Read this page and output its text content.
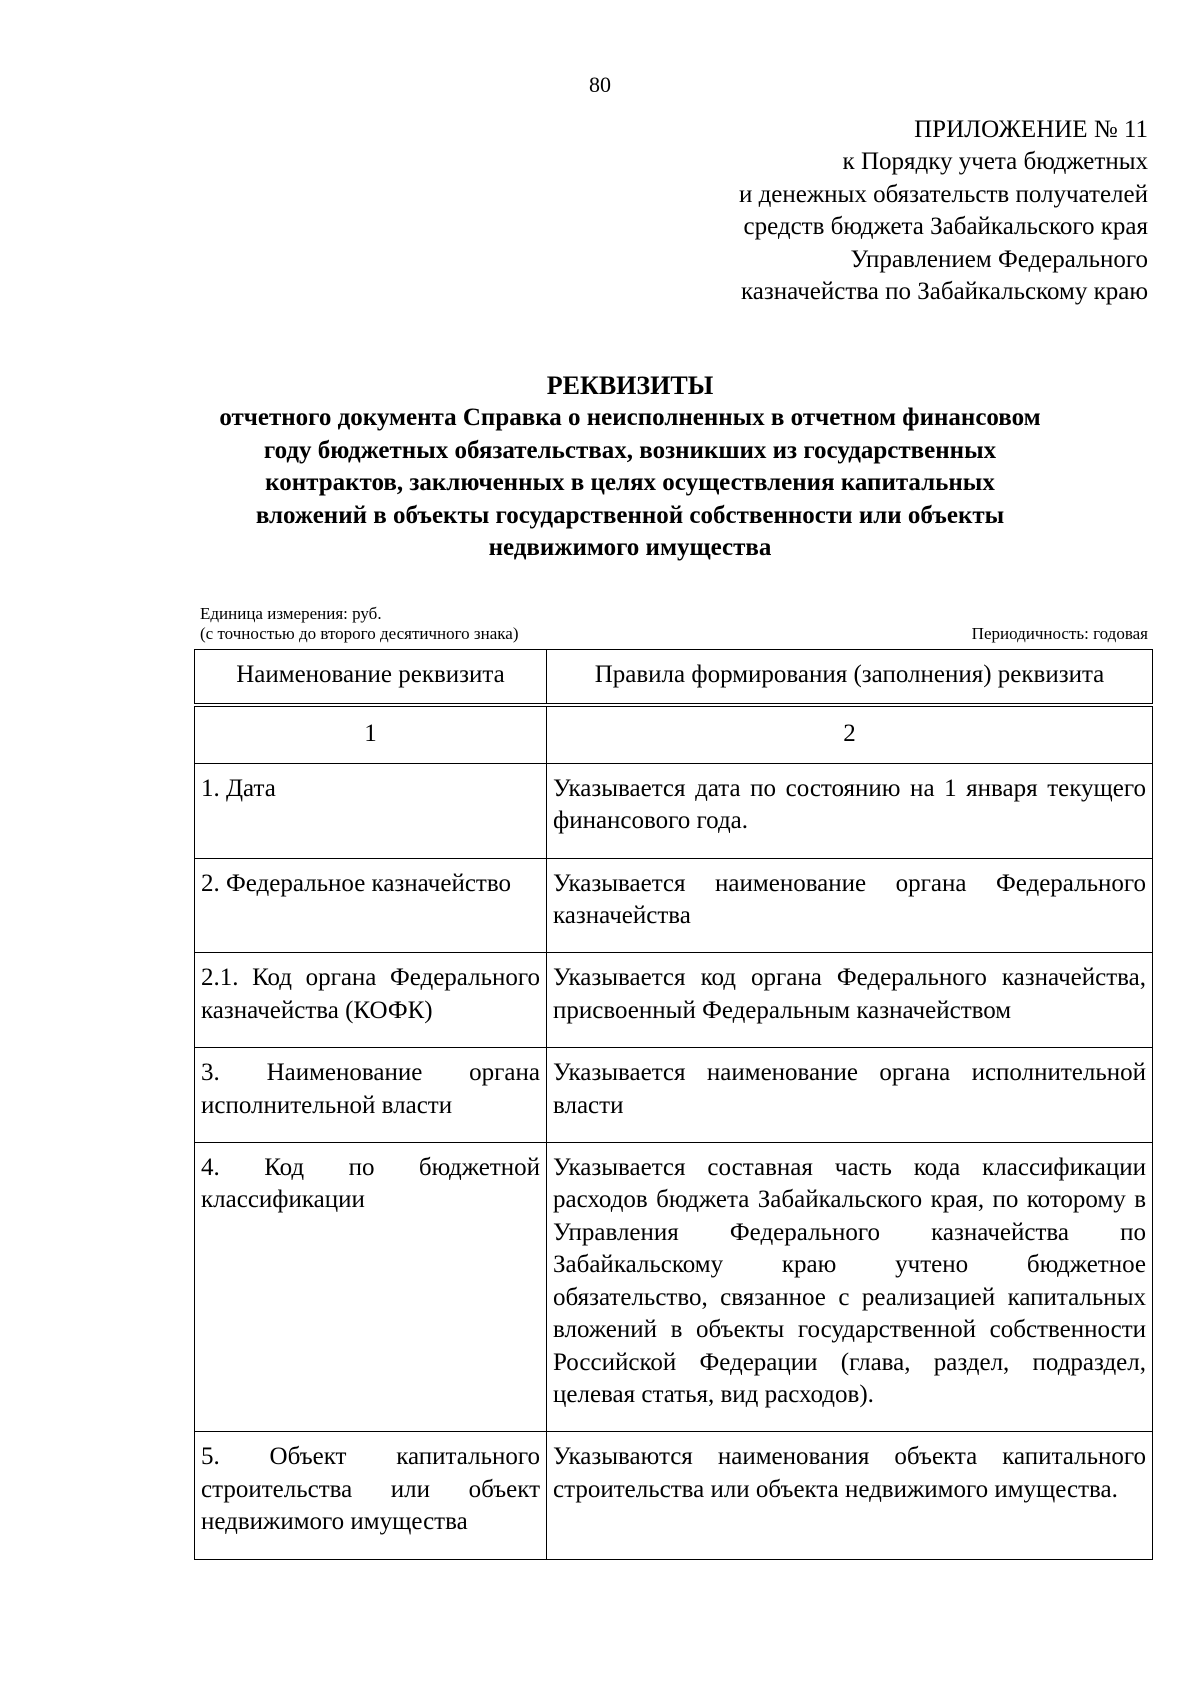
80
ПРИЛОЖЕНИЕ № 11
к Порядку учета бюджетных
и денежных обязательств получателей
средств бюджета Забайкальского края
Управлением Федерального
казначейства по Забайкальскому краю
РЕКВИЗИТЫ
отчетного документа Справка о неисполненных в отчетном финансовом
году бюджетных обязательствах, возникших из государственных
контрактов, заключенных в целях осуществления капитальных
вложений в объекты государственной собственности или объекты
недвижимого имущества
Единица измерения: руб.
(с точностью до второго десятичного знака)	Периодичность: годовая
Наименование реквизита	Правила формирования (заполнения) реквизита
1	2
1. Дата	Указывается дата по состоянию на 1 января текущего финансового года.
2. Федеральное казначейство	Указывается наименование органа Федерального казначейства
2.1. Код органа Федерального казначейства (КОФК)	Указывается код органа Федерального казначейства, присвоенный Федеральным казначейством
3. Наименование органа исполнительной власти	Указывается наименование органа исполнительной власти
4. Код по бюджетной классификации	Указывается составная часть кода классификации расходов бюджета Забайкальского края, по которому в Управления Федерального казначейства по Забайкальскому краю учтено бюджетное обязательство, связанное с реализацией капитальных вложений в объекты государственной собственности Российской Федерации (глава, раздел, подраздел, целевая статья, вид расходов).
5. Объект капитального строительства или объект недвижимого имущества	Указываются наименования объекта капитального строительства или объекта недвижимого имущества.
